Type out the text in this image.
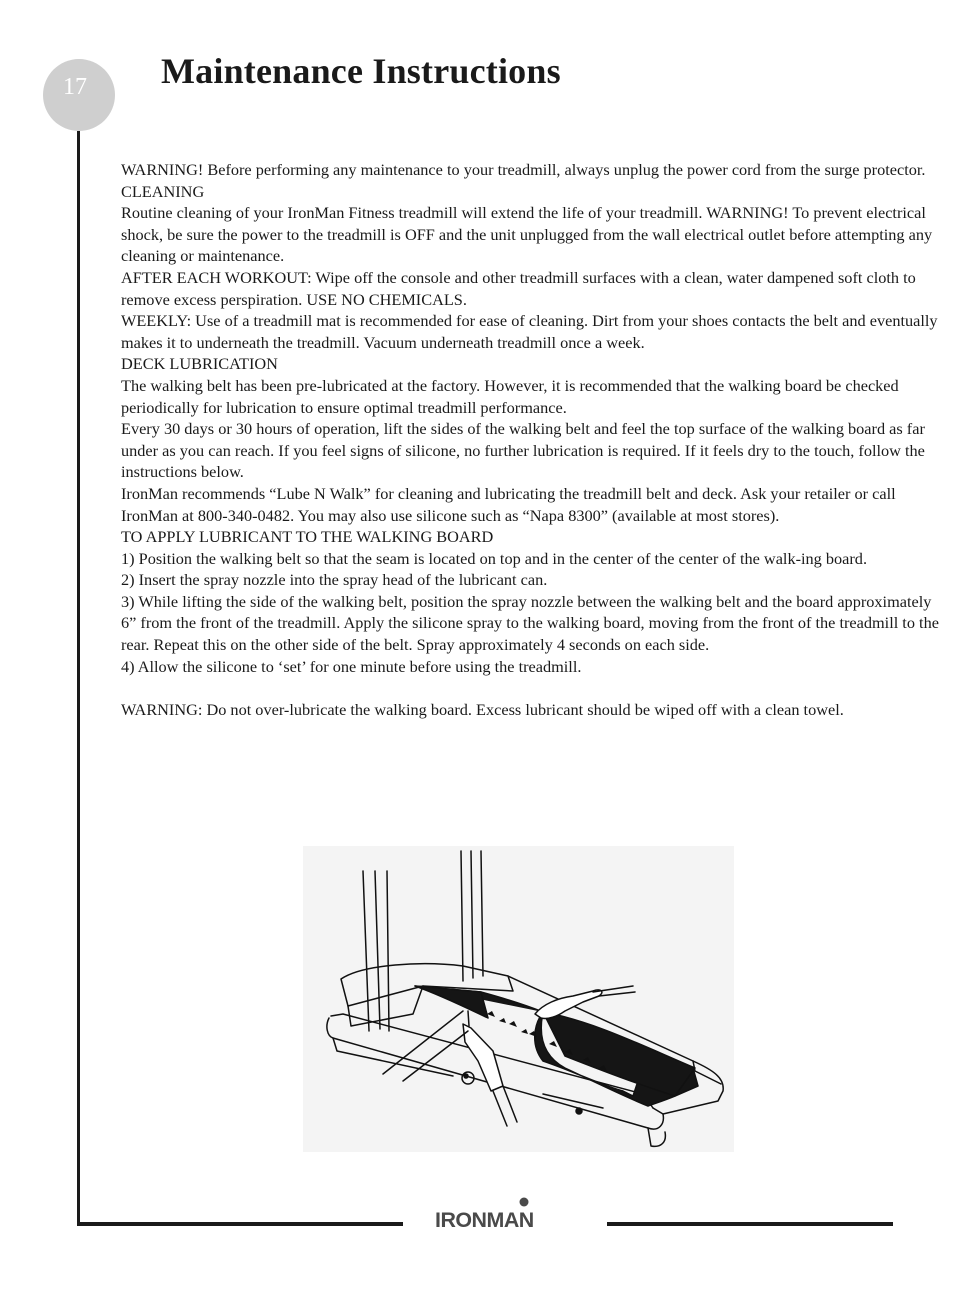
17	Maintenance Instructions

WARNING! Before performing any maintenance to your treadmill, always unplug the power cord from the surge protector.

CLEANING

Routine cleaning of your IronMan Fitness treadmill will extend the life of your treadmill. WARNING! To prevent electrical shock, be sure the power to the treadmill is OFF and the unit unplugged from the wall electrical outlet before attempting any cleaning or maintenance.

AFTER EACH WORKOUT: Wipe off the console and other treadmill surfaces with a clean, water dampened soft cloth to remove excess perspiration. USE NO CHEMICALS.

WEEKLY: Use of a treadmill mat is recommended for ease of cleaning. Dirt from your shoes contacts the belt and eventually makes it to underneath the treadmill. Vacuum underneath treadmill once a week.

DECK LUBRICATION

The walking belt has been pre-lubricated at the factory. However, it is recommended that the walking board be checked periodically for lubrication to ensure optimal treadmill performance.

Every 30 days or 30 hours of operation, lift the sides of the walking belt and feel the top surface of the walking board as far under as you can reach. If you feel signs of silicone, no further lubrication is required. If it feels dry to the touch, follow the instructions below.

IronMan recommends “Lube N Walk” for cleaning and lubricating the treadmill belt and deck. Ask your retailer or call IronMan at 800-340-0482. You may also use silicone such as “Napa 8300” (available at most stores).

TO APPLY LUBRICANT TO THE WALKING BOARD

1) Position the walking belt so that the seam is located on top and in the center of the center of the walk-ing board.

2) Insert the spray nozzle into the spray head of the lubricant can.

3) While lifting the side of the walking belt, position the spray nozzle between the walking belt and the board approximately 6” from the front of the treadmill. Apply the silicone spray to the walking board, moving from the front of the treadmill to the rear. Repeat this on the other side of the belt. Spray approximately 4 seconds on each side.

4) Allow the silicone to ‘set’ for one minute before using the treadmill.

WARNING: Do not over-lubricate the walking board. Excess lubricant should be wiped off with a clean towel.

IRONMAN
